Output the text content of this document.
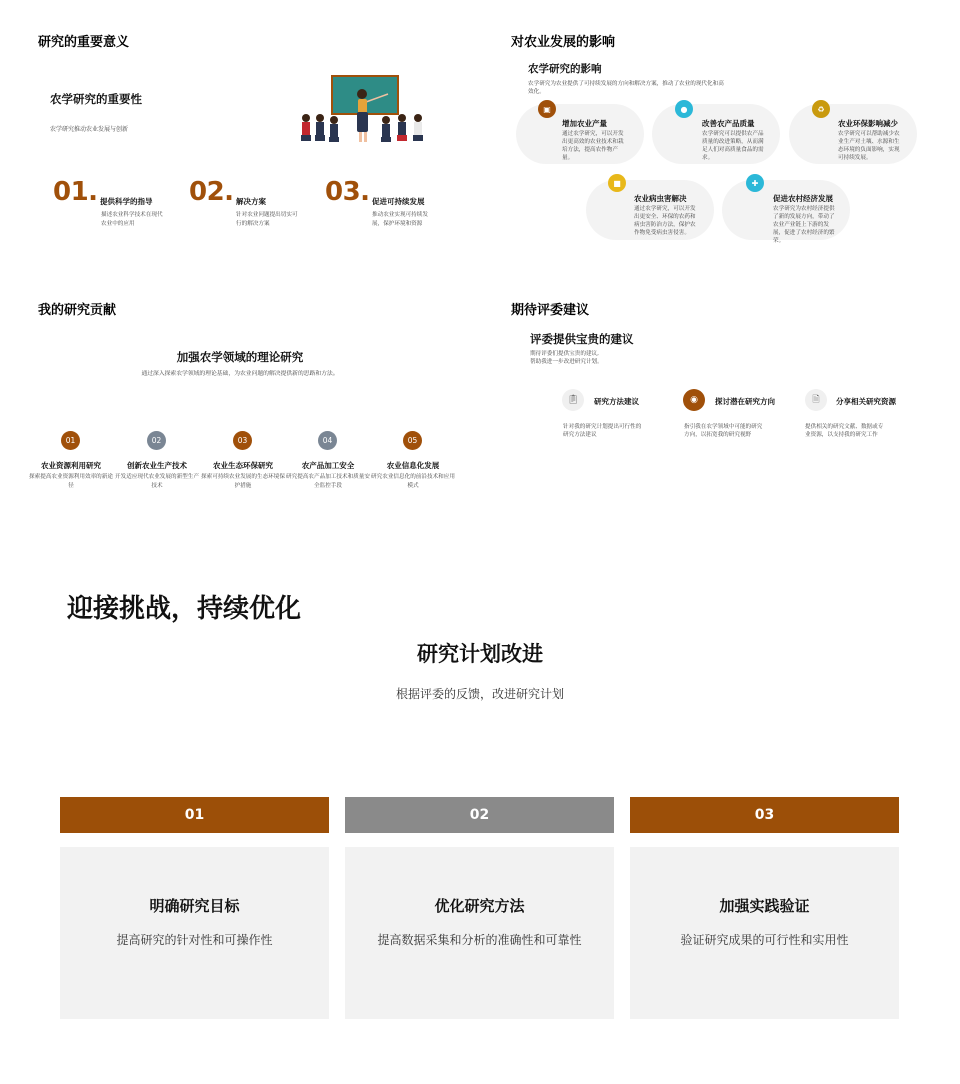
研究的重要意义
农学研究的重要性
农学研究推动农业发展与创新
01. 提供科学的指导
描述农业科学技术在现代农业中的应用
02. 解决方案
针对农业问题提出切实可行的解决方案
03. 促进可持续发展
推动农业实现可持续发展，保护环境和资源
对农业发展的影响
农学研究的影响
农学研究为农业提供了可持续发展的方向和解决方案，推动了农业的现代化和高效化。
▣
增加农业产量
通过农学研究，可以开发出更高效的农业技术和栽培方法，提高农作物产量。
●
改善农产品质量
农学研究可以提供农产品质量的改进策略，从而满足人们对高质量食品的需求。
♻
农业环保影响减少
农学研究可以帮助减少农业生产对土壤、水源和生态环境的负面影响，实现可持续发展。
■
农业病虫害解决
通过农学研究，可以开发出更安全、环保的农药和病虫害防治方法，保护农作物免受病虫害侵害。
✚
促进农村经济发展
农学研究为农村经济提供了新的发展方向，带动了农业产业链上下游的发展，促进了农村经济的繁荣。
我的研究贡献
加强农学领域的理论研究
通过深入探索农学领域的理论基础，为农业问题的解决提供新的思路和方法。
01
农业资源利用研究
探索提高农业资源利用效率的新途径
02
创新农业生产技术
开发适应现代农业发展的新型生产技术
03
农业生态环保研究
探索可持续农业发展的生态环境保护措施
04
农产品加工安全
研究提高农产品加工技术和质量安全监控手段
05
农业信息化发展
研究农业信息化的前沿技术和应用模式
期待评委建议
评委提供宝贵的建议
期待评委们提供宝贵的建议,
帮助我进一步改进研究计划。
📋︎	研究方法建议
针对我的研究计划提出可行性的研究方法建议
◉	探讨潜在研究方向
指引我在农学领域中可能的研究方向，以拓宽我的研究视野
🗎︎	分享相关研究资源
提供相关的研究文献、数据或专业资源，以支持我的研究工作
迎接挑战，持续优化
研究计划改进
根据评委的反馈，改进研究计划
01
明确研究目标
提高研究的针对性和可操作性
02
优化研究方法
提高数据采集和分析的准确性和可靠性
03
加强实践验证
验证研究成果的可行性和实用性
